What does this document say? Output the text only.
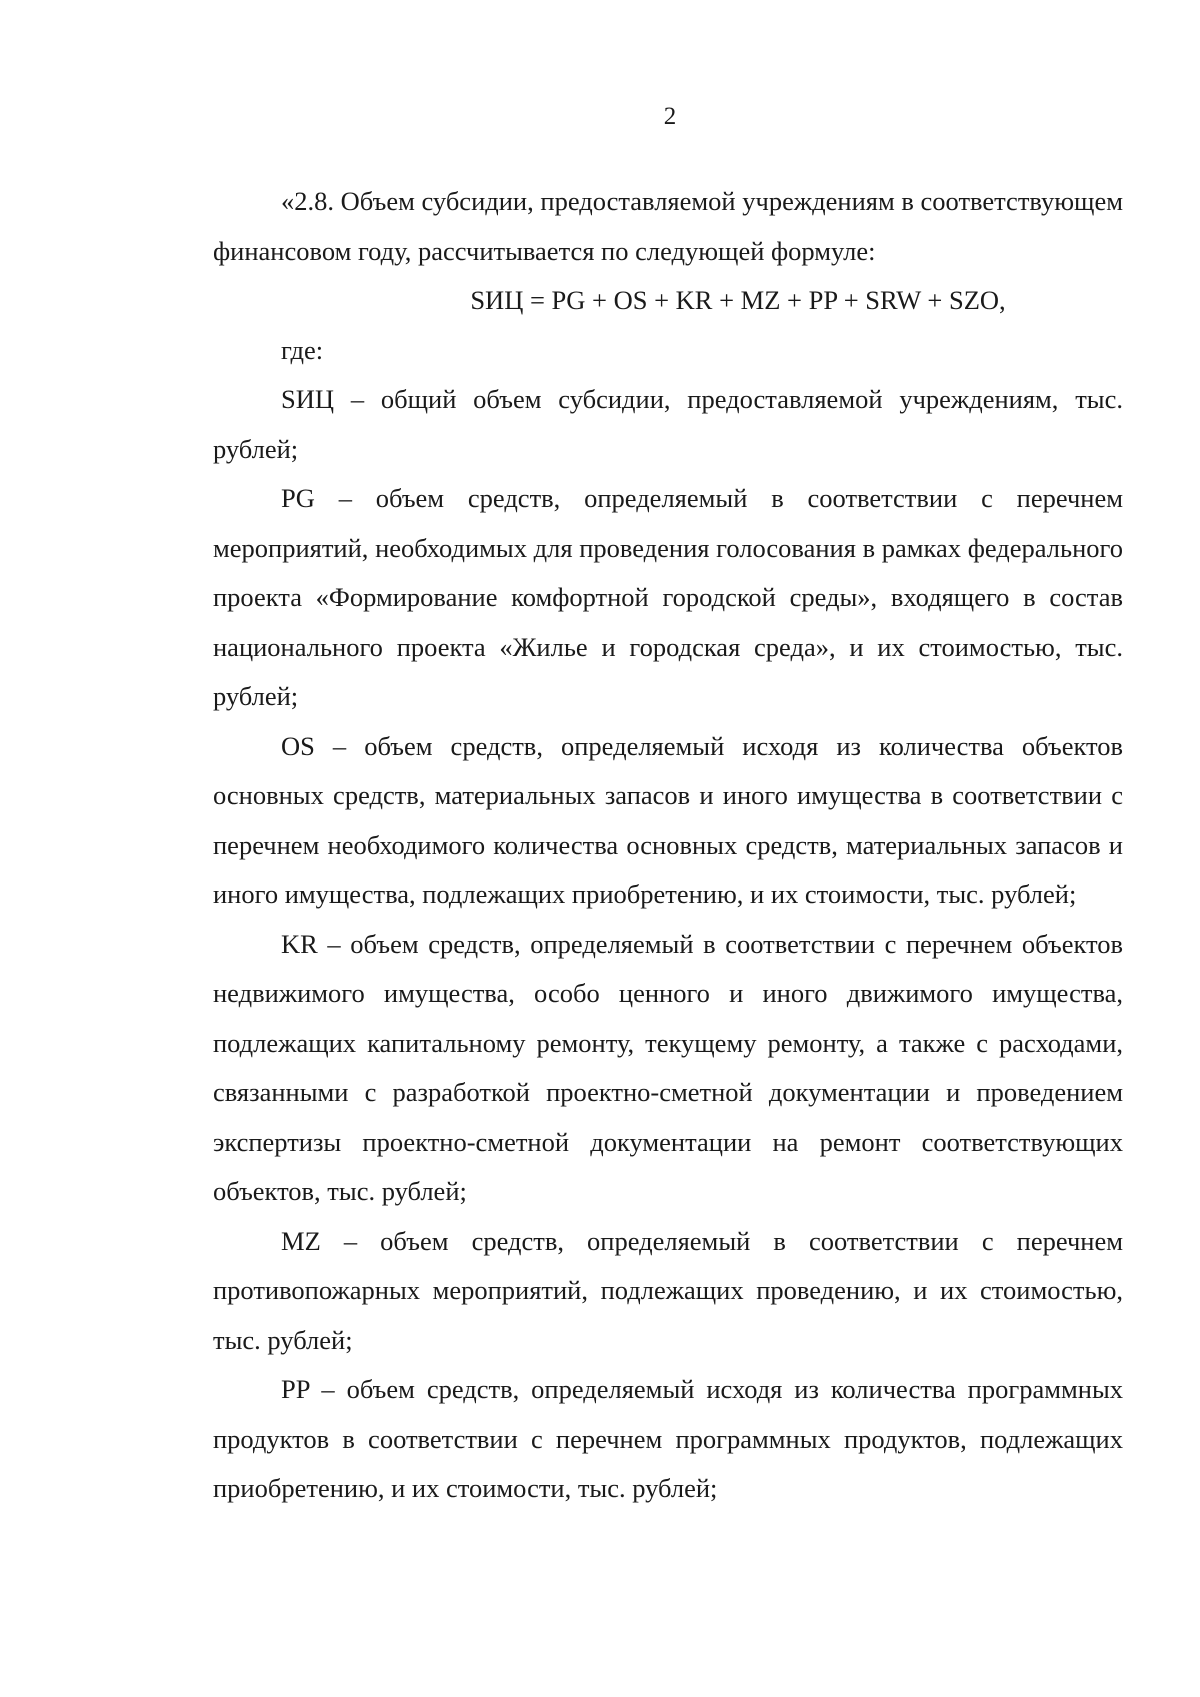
2

«2.8. Объем субсидии, предоставляемой учреждениям в соответствующем финансовом году, рассчитывается по следующей формуле:

SИЦ = PG + OS + KR + MZ + PP + SRW + SZO,

где:

SИЦ – общий объем субсидии, предоставляемой учреждениям, тыс. рублей;

PG – объем средств, определяемый в соответствии с перечнем мероприятий, необходимых для проведения голосования в рамках федерального проекта «Формирование комфортной городской среды», входящего в состав национального проекта «Жилье и городская среда», и их стоимостью, тыс. рублей;

OS – объем средств, определяемый исходя из количества объектов основных средств, материальных запасов и иного имущества в соответствии с перечнем необходимого количества основных средств, материальных запасов и иного имущества, подлежащих приобретению, и их стоимости, тыс. рублей;

KR – объем средств, определяемый в соответствии с перечнем объектов недвижимого имущества, особо ценного и иного движимого имущества, подлежащих капитальному ремонту, текущему ремонту, а также с расходами, связанными с разработкой проектно-сметной документации и проведением экспертизы проектно-сметной документации на ремонт соответствующих объектов, тыс. рублей;

MZ – объем средств, определяемый в соответствии с перечнем противопожарных мероприятий, подлежащих проведению, и их стоимостью, тыс. рублей;

PP – объем средств, определяемый исходя из количества программных продуктов в соответствии с перечнем программных продуктов, подлежащих приобретению, и их стоимости, тыс. рублей;
